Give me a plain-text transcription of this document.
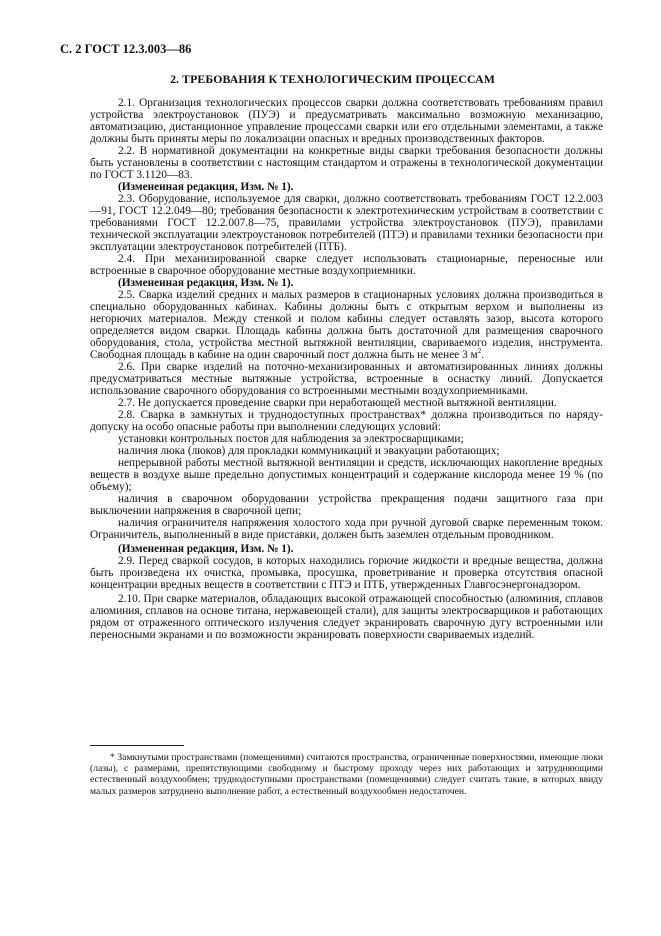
С. 2 ГОСТ 12.3.003—86
2. ТРЕБОВАНИЯ К ТЕХНОЛОГИЧЕСКИМ ПРОЦЕССАМ

2.1. Организация технологических процессов сварки должна соответствовать требованиям правил устройства электроустановок (ПУЭ) и предусматривать максимально возможную механизацию, автоматизацию, дистанционное управление процессами сварки или его отдельными элементами, а также должны быть приняты меры по локализации опасных и вредных производственных факторов.

2.2. В нормативной документации на конкретные виды сварки требования безопасности должны быть установлены в соответствии с настоящим стандартом и отражены в технологической документации по ГОСТ 3.1120—83.

(Измененная редакция, Изм. № 1).

2.3. Оборудование, используемое для сварки, должно соответствовать требованиям ГОСТ 12.2.003—91, ГОСТ 12.2.049—80; требования безопасности к электротехническим устройствам в соответствии с требованиями ГОСТ 12.2.007.8—75, правилами устройства электроустановок (ПУЭ), правилами технической эксплуатации электроустановок потребителей (ПТЭ) и правилами техники безопасности при эксплуатации электроустановок потребителей (ПТБ).

2.4. При механизированной сварке следует использовать стационарные, переносные или встроенные в сварочное оборудование местные воздухоприемники.

(Измененная редакция, Изм. № 1).

2.5. Сварка изделий средних и малых размеров в стационарных условиях должна производиться в специально оборудованных кабинах. Кабины должны быть с открытым верхом и выполнены из негорючих материалов. Между стенкой и полом кабины следует оставлять зазор, высота которого определяется видом сварки. Площадь кабины должна быть достаточной для размещения сварочного оборудования, стола, устройства местной вытяжной вентиляции, свариваемого изделия, инструмента. Свободная площадь в кабине на один сварочный пост должна быть не менее 3 $м^2$.

2.6. При сварке изделий на поточно-механизированных и автоматизированных линиях должны предусматриваться местные вытяжные устройства, встроенные в оснастку линий. Допускается использование сварочного оборудования со встроенными местными воздухоприемниками.

2.7. Не допускается проведение сварки при неработающей местной вытяжной вентиляции.

2.8. Сварка в замкнутых и труднодоступных пространствах* должна производиться по наряду-допуску на особо опасные работы при выполнении следующих условий:

установки контрольных постов для наблюдения за электросварщиками;

наличия люка (люков) для прокладки коммуникаций и эвакуации работающих;

непрерывной работы местной вытяжной вентиляции и средств, исключающих накопление вредных веществ в воздухе выше предельно допустимых концентраций и содержание кислорода менее 19 % (по объему);

наличия в сварочном оборудовании устройства прекращения подачи защитного газа при выключении напряжения в сварочной цепи;

наличия ограничителя напряжения холостого хода при ручной дуговой сварке переменным током. Ограничитель, выполненный в виде приставки, должен быть заземлен отдельным проводником.

(Измененная редакция, Изм. № 1).

2.9. Перед сваркой сосудов, в которых находились горючие жидкости и вредные вещества, должна быть произведена их очистка, промывка, просушка, проветривание и проверка отсутствия опасной концентрации вредных веществ в соответствии с ПТЭ и ПТБ, утвержденных Главгосэнергонадзором.

2.10. При сварке материалов, обладающих высокой отражающей способностью (алюминия, сплавов алюминия, сплавов на основе титана, нержавеющей стали), для защиты электросварщиков и работающих рядом от отраженного оптического излучения следует экранировать сварочную дугу встроенными или переносными экранами и по возможности экранировать поверхности свариваемых изделий.

* Замкнутыми пространствами (помещениями) считаются пространства, ограниченные поверхностями, имеющие люки (лазы), с размерами, препятствующими свободному и быстрому проходу через них работающих и затрудняющими естественный воздухообмен; труднодоступными пространствами (помещениями) следует считать такие, в которых ввиду малых размеров затруднено выполнение работ, а естественный воздухообмен недостаточен.
